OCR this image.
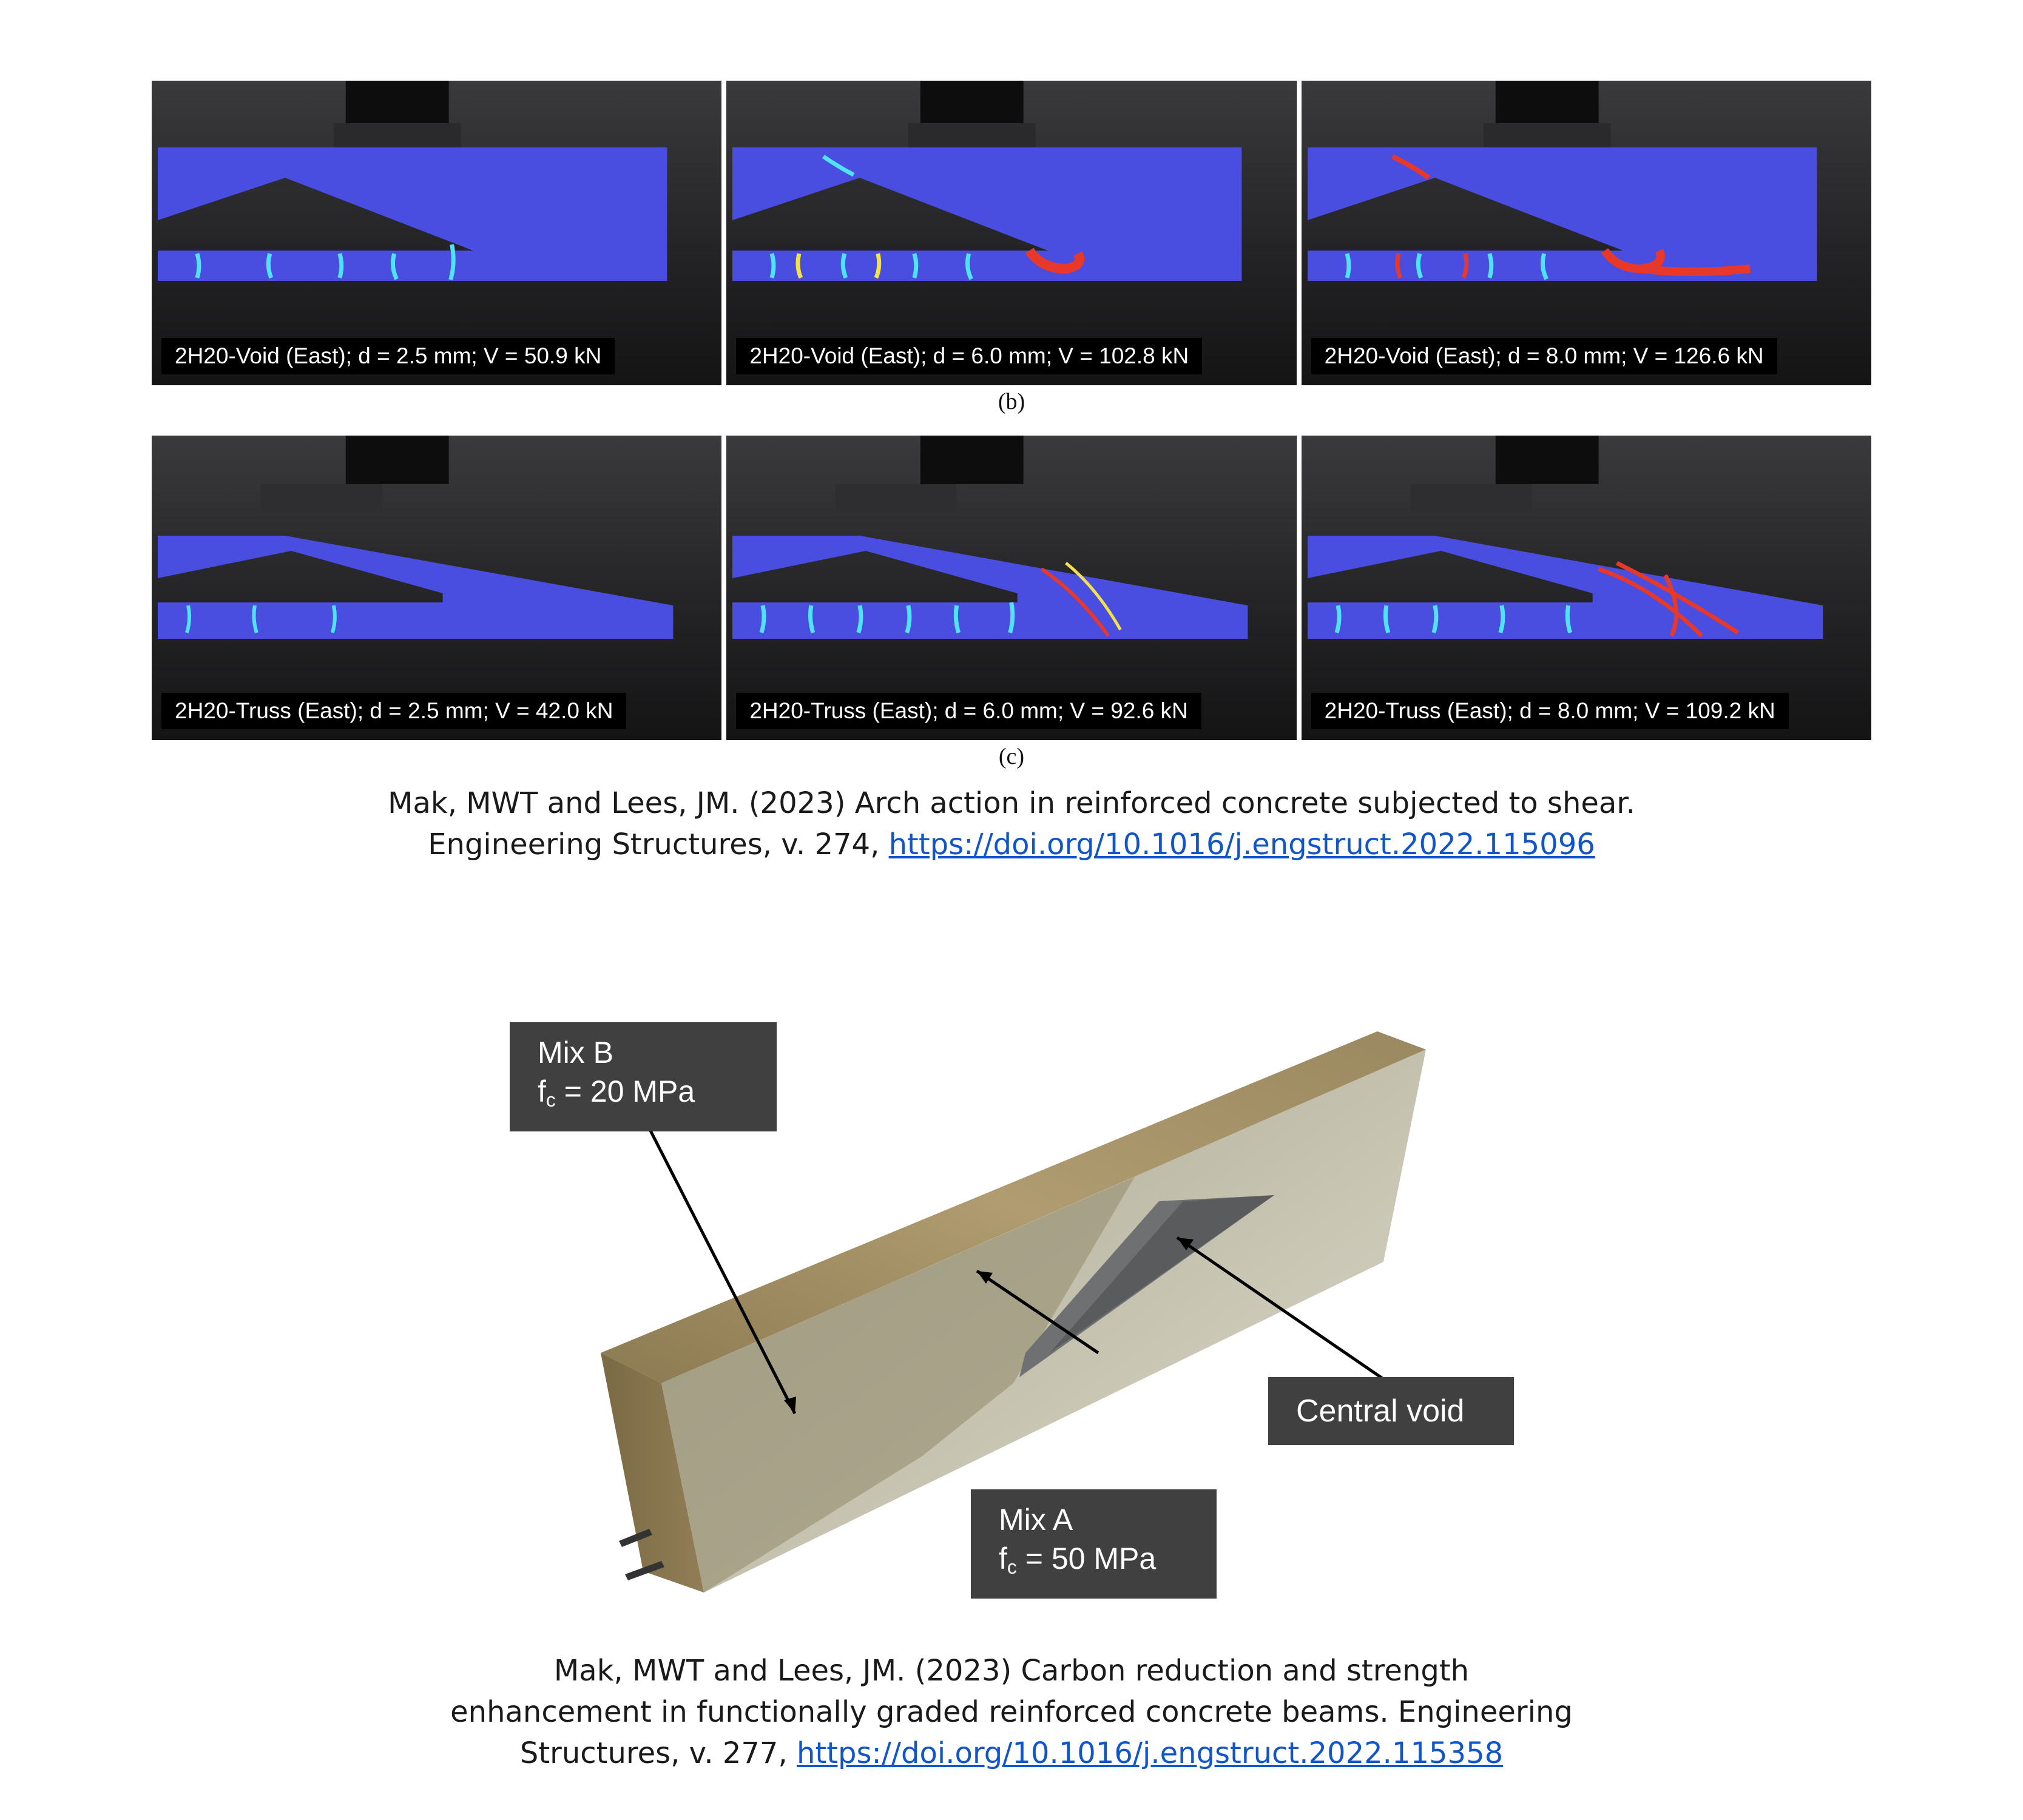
2H20-Void (East); d = 2.5 mm; V = 50.9 kN	2H20-Void (East); d = 6.0 mm; V = 102.8 kN	2H20-Void (East); d = 8.0 mm; V = 126.6 kN
(b)
2H20-Truss (East); d = 2.5 mm; V = 42.0 kN	2H20-Truss (East); d = 6.0 mm; V = 92.6 kN	2H20-Truss (East); d = 8.0 mm; V = 109.2 kN
(c)
Mak, MWT and Lees, JM. (2023) Arch action in reinforced concrete subjected to shear.
Engineering Structures, v. 274, https://doi.org/10.1016/j.engstruct.2022.115096
Mix B
$f_c = 20$ MPa
Central void
Mix A
$f_c = 50$ MPa
Mak, MWT and Lees, JM. (2023) Carbon reduction and strength
enhancement in functionally graded reinforced concrete beams. Engineering
Structures, v. 277, https://doi.org/10.1016/j.engstruct.2022.115358
